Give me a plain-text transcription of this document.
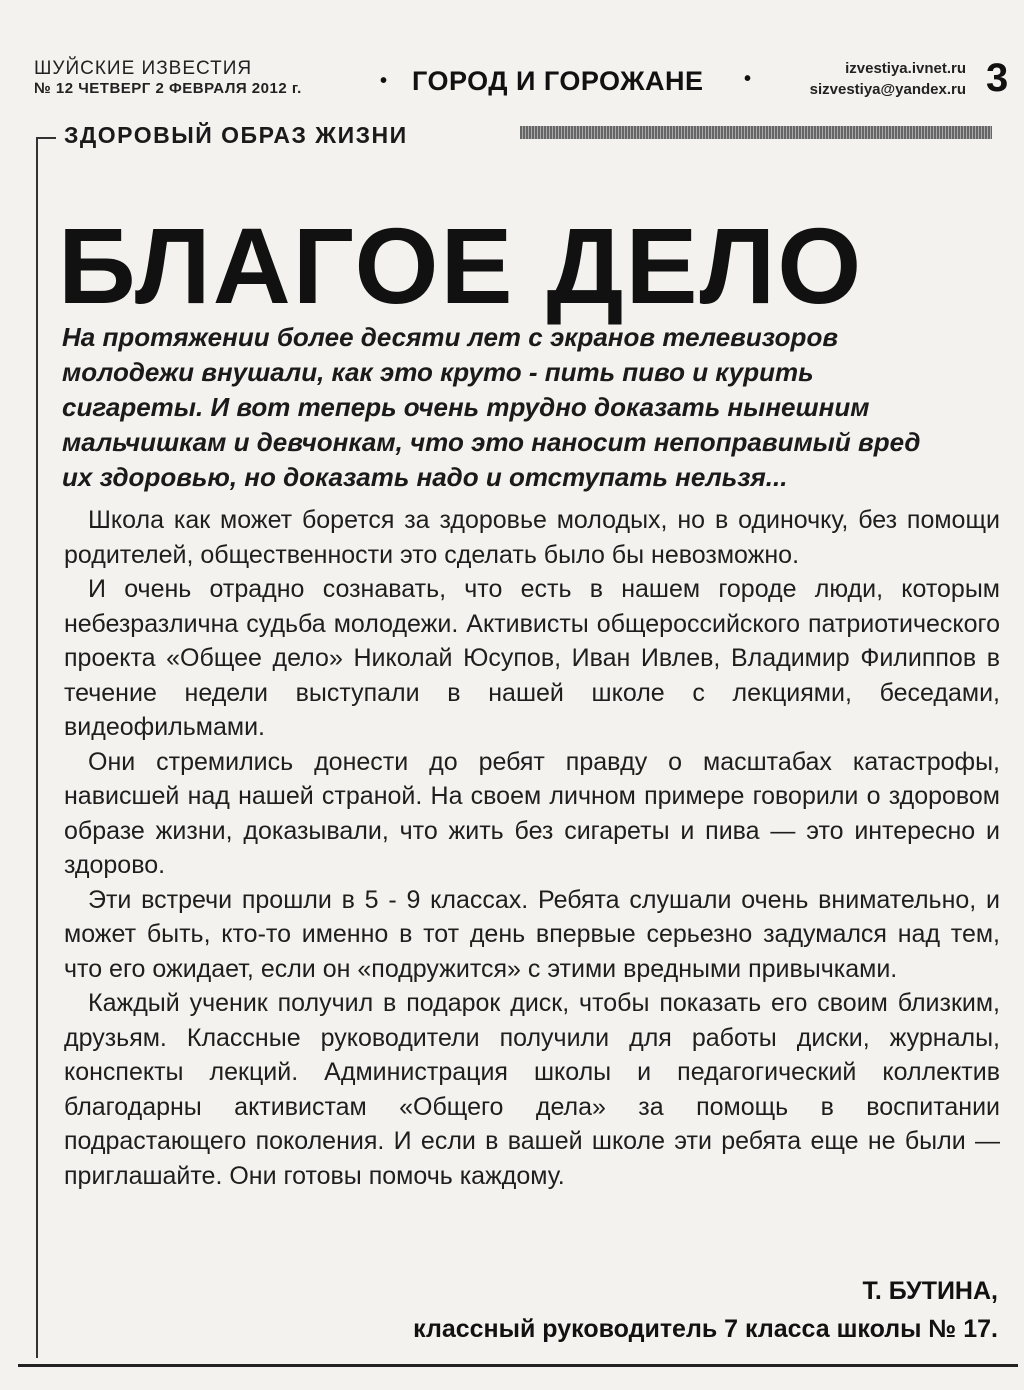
ШУЙСКИЕ ИЗВЕСТИЯ
№ 12 ЧЕТВЕРГ 2 ФЕВРАЛЯ 2012 г.	• ГОРОД И ГОРОЖАНЕ •	izvestiya.ivnet.ru
sizvestiya@yandex.ru 3
ЗДОРОВЫЙ ОБРАЗ ЖИЗНИ
БЛАГОЕ ДЕЛО

На протяжении более десяти лет с экранов телевизоров молодежи внушали, как это круто - пить пиво и курить сигареты. И вот теперь очень трудно доказать нынешним мальчишкам и девчонкам, что это наносит непоправимый вред их здоровью, но доказать надо и отступать нельзя...

Школа как может борется за здоровье молодых, но в одиночку, без помощи родителей, общественности это сделать было бы невозможно.

И очень отрадно сознавать, что есть в нашем городе люди, которым небезразлична судьба молодежи. Активисты общероссийского патриотического проекта «Общее дело» Николай Юсупов, Иван Ивлев, Владимир Филиппов в течение недели выступали в нашей школе с лекциями, беседами, видеофильмами.

Они стремились донести до ребят правду о масштабах катастрофы, нависшей над нашей страной. На своем личном примере говорили о здоровом образе жизни, доказывали, что жить без сигареты и пива — это интересно и здорово.

Эти встречи прошли в 5 - 9 классах. Ребята слушали очень внимательно, и может быть, кто-то именно в тот день впервые серьезно задумался над тем, что его ожидает, если он «подружится» с этими вредными привычками.

Каждый ученик получил в подарок диск, чтобы показать его своим близким, друзьям. Классные руководители получили для работы диски, журналы, конспекты лекций. Администрация школы и педагогический коллектив благодарны активистам «Общего дела» за помощь в воспитании подрастающего поколения. И если в вашей школе эти ребята еще не были — приглашайте. Они готовы помочь каждому.

Т. БУТИНА,
классный руководитель 7 класса школы № 17.
